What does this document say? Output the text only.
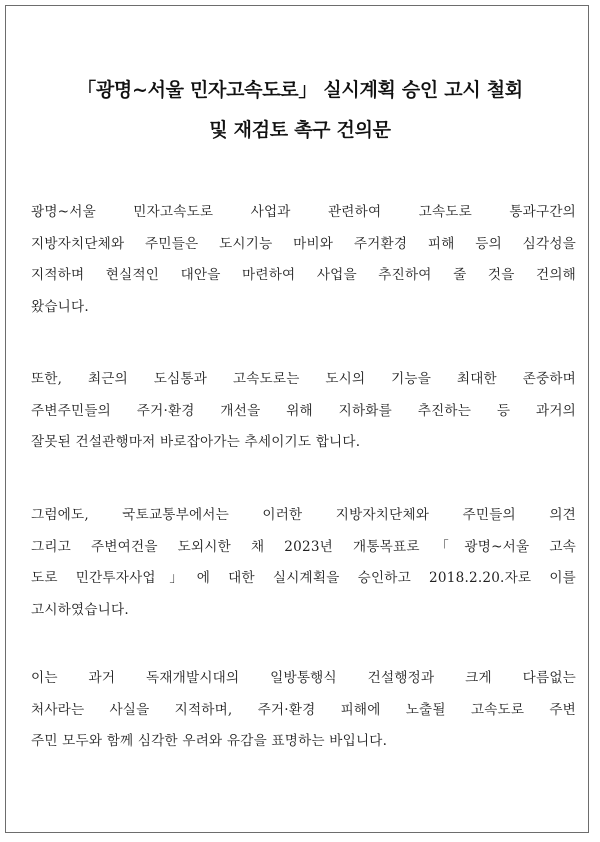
「광명~서울 민자고속도로」 실시계획 승인 고시 철회
및 재검토 촉구 건의문
광명~서울 민자고속도로 사업과 관련하여 고속도로 통과구간의
지방자치단체와 주민들은 도시기능 마비와 주거환경 피해 등의 심각성을
지적하며 현실적인 대안을 마련하여 사업을 추진하여 줄 것을 건의해
왔습니다.
또한, 최근의 도심통과 고속도로는 도시의 기능을 최대한 존중하며
주변주민들의 주거·환경 개선을 위해 지하화를 추진하는 등 과거의
잘못된 건설관행마저 바로잡아가는 추세이기도 합니다.
그럼에도, 국토교통부에서는 이러한 지방자치단체와 주민들의 의견
그리고 주변여건을 도외시한 채 2023년 개통목표로「광명~서울 고속
도로 민간투자사업」에 대한 실시계획을 승인하고 2018.2.20.자로 이를
고시하였습니다.
이는 과거 독재개발시대의 일방통행식 건설행정과 크게 다름없는
처사라는 사실을 지적하며, 주거·환경 피해에 노출될 고속도로 주변
주민 모두와 함께 심각한 우려와 유감을 표명하는 바입니다.
